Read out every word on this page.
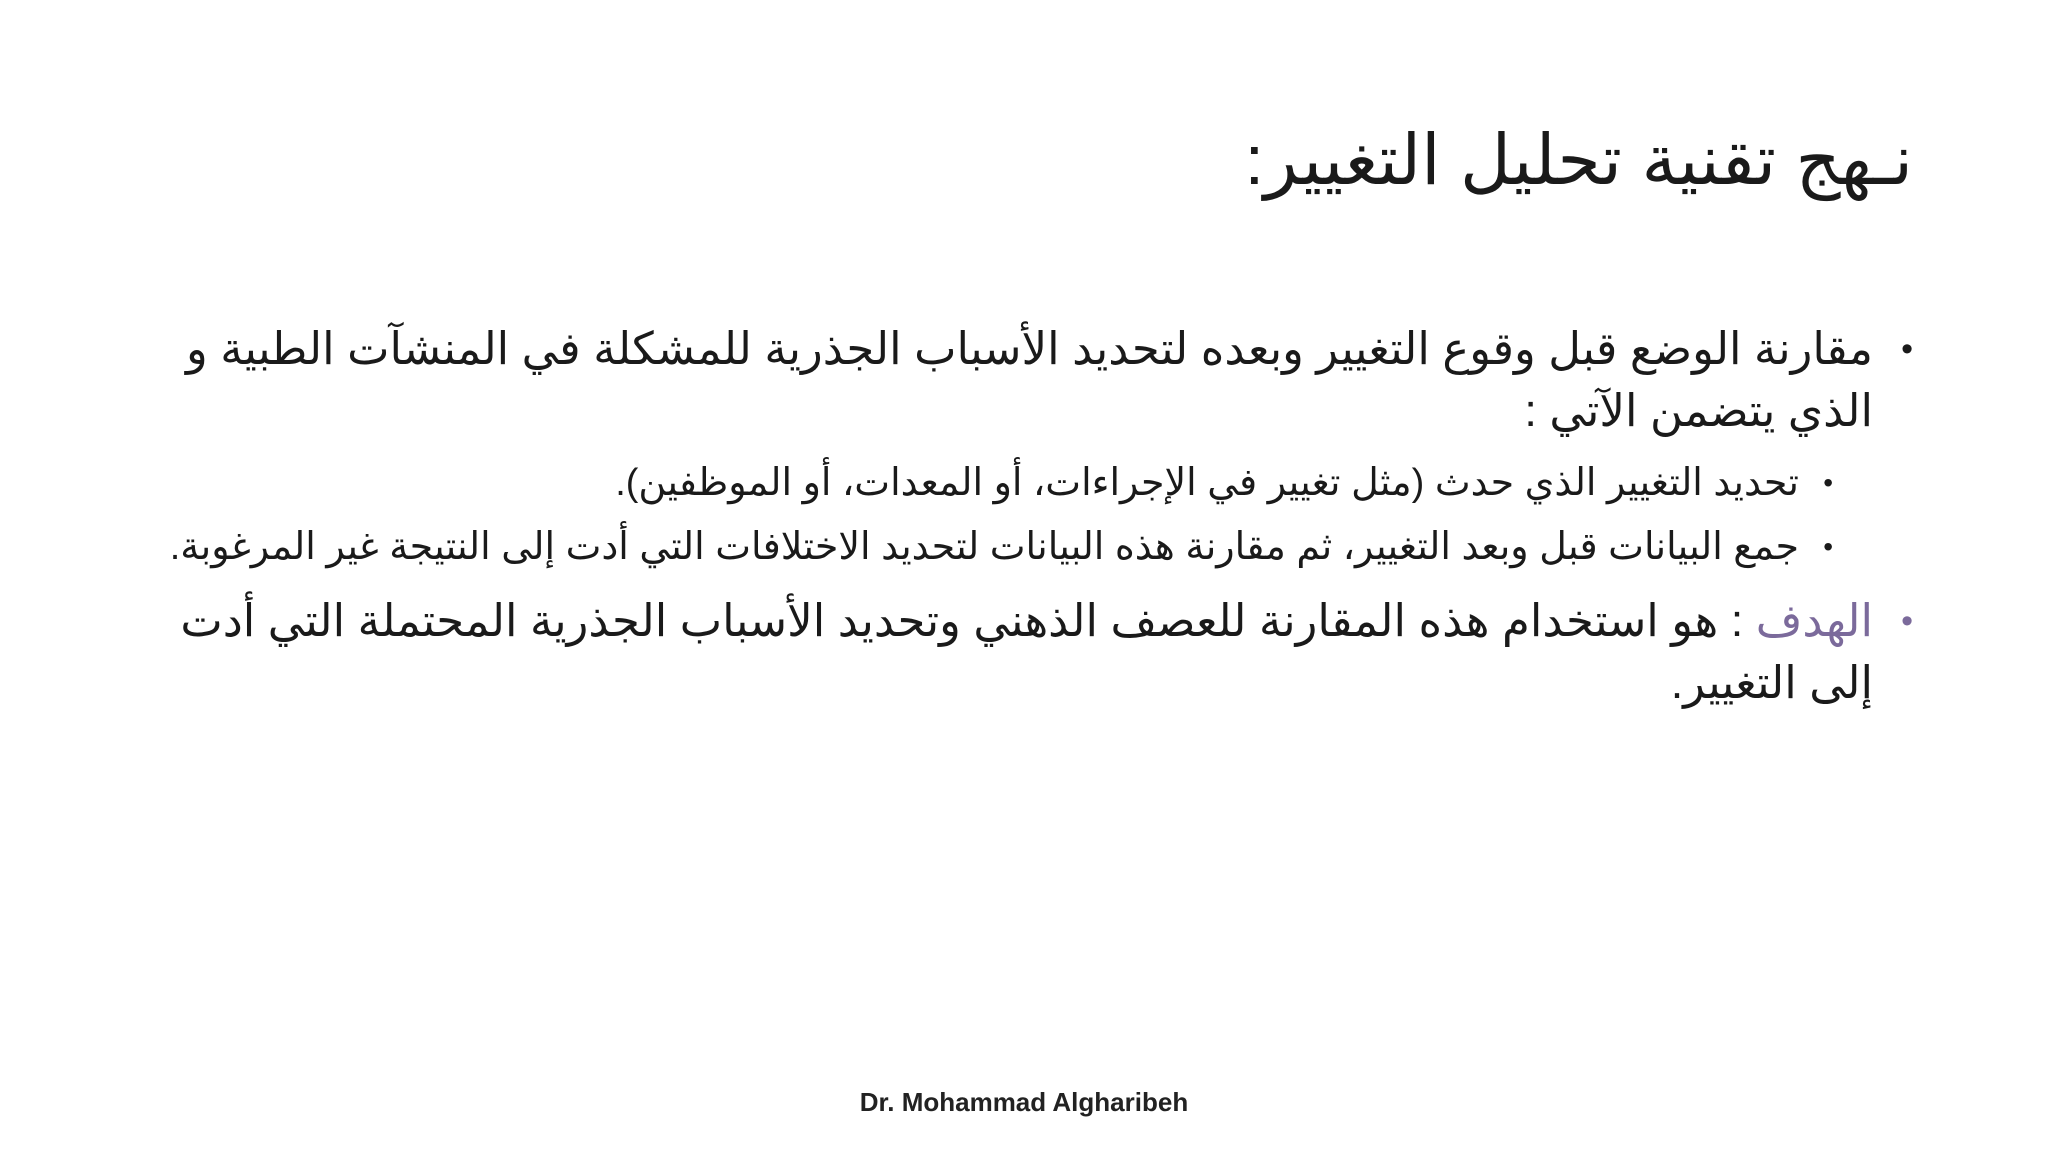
نـهج تقنية تحليل التغيير:
•
مقارنة الوضع قبل وقوع التغيير وبعده لتحديد الأسباب الجذرية للمشكلة في المنشآت الطبية و الذي يتضمن الآتي :
•
تحديد التغيير الذي حدث (مثل تغيير في الإجراءات، أو المعدات، أو الموظفين).
•
جمع البيانات قبل وبعد التغيير، ثم مقارنة هذه البيانات لتحديد الاختلافات التي أدت إلى النتيجة غير المرغوبة.
•
الهدف : هو استخدام هذه المقارنة للعصف الذهني وتحديد الأسباب الجذرية المحتملة التي أدت إلى التغيير.
Dr. Mohammad Algharibeh
